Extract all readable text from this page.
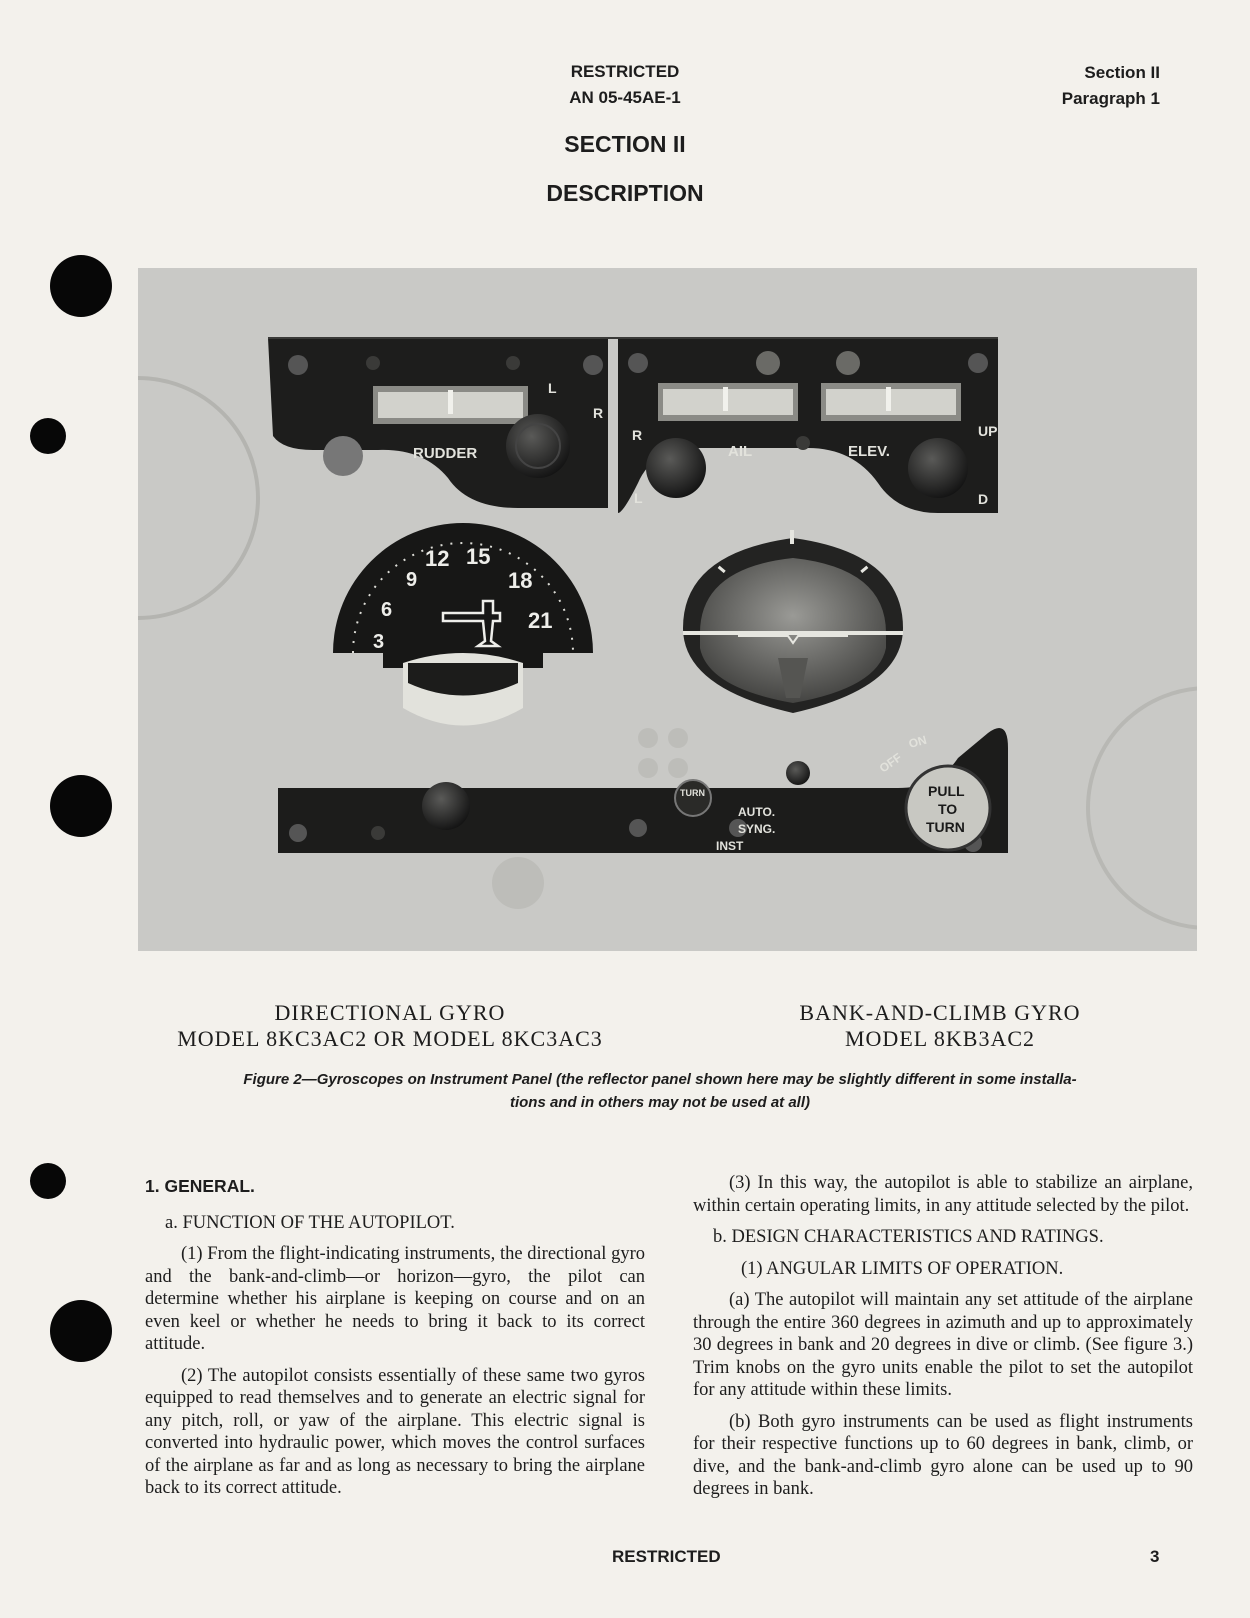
RESTRICTED
AN 05-45AE-1
Section II
Paragraph 1
SECTION II
DESCRIPTION
RUDDER
L
R
AIL	ELEV.
R
L
UP
D
3
6
9
12 15
18
21
TURN
AUTO.
SYNG.
INST
OFF
ON
PULL
TO
TURN
DIRECTIONAL GYRO
MODEL 8KC3AC2 OR MODEL 8KC3AC3
BANK-AND-CLIMB GYRO
MODEL 8KB3AC2
Figure 2—Gyroscopes on Instrument Panel (the reflector panel shown here may be slightly different in some installa-
tions and in others may not be used at all)

1. GENERAL.

a. FUNCTION OF THE AUTOPILOT.

(1) From the flight-indicating instruments, the directional gyro and the bank-and-climb—or horizon—gyro, the pilot can determine whether his airplane is keeping on course and on an even keel or whether he needs to bring it back to its correct attitude.

(2) The autopilot consists essentially of these same two gyros equipped to read themselves and to generate an electric signal for any pitch, roll, or yaw of the airplane. This electric signal is converted into hydraulic power, which moves the control surfaces of the airplane as far and as long as necessary to bring the airplane back to its correct attitude.

(3) In this way, the autopilot is able to stabilize an airplane, within certain operating limits, in any attitude selected by the pilot.

b. DESIGN CHARACTERISTICS AND RATINGS.

(1) ANGULAR LIMITS OF OPERATION.

(a) The autopilot will maintain any set attitude of the airplane through the entire 360 degrees in azimuth and up to approximately 30 degrees in bank and 20 degrees in dive or climb. (See figure 3.) Trim knobs on the gyro units enable the pilot to set the autopilot for any attitude within these limits.

(b) Both gyro instruments can be used as flight instruments for their respective functions up to 60 degrees in bank, climb, or dive, and the bank-and-climb gyro alone can be used up to 90 degrees in bank.

RESTRICTED	3
